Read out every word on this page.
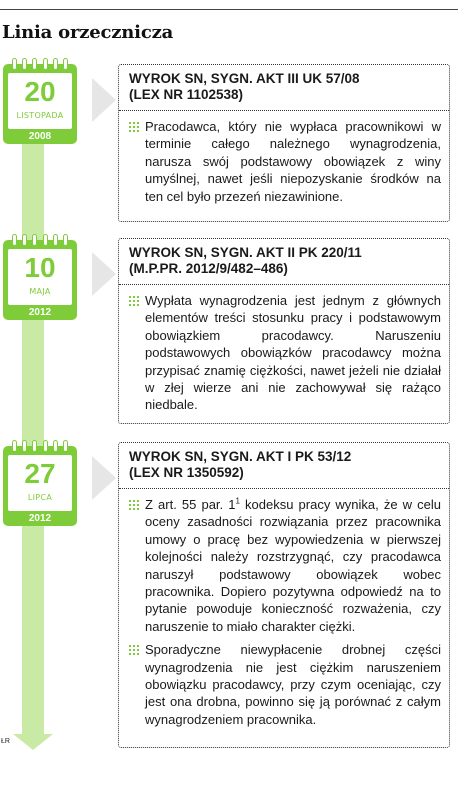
Linia orzecznicza
20
LISTOPADA
2008
WYROK SN, SYGN. AKT III UK 57/08
(LEX NR 1102538)
Pracodawca, który nie wypłaca pracownikowi w terminie całego należnego wynagrodzenia, narusza swój podstawowy obowiązek z winy umyślnej, nawet jeśli niepozyskanie środków na ten cel było przezeń niezawinione.
10
MAJA
2012
WYROK SN, SYGN. AKT II PK 220/11
(M.P.PR. 2012/9/482–486)
Wypłata wynagrodzenia jest jednym z głównych elementów treści stosunku pracy i podstawowym obowiązkiem pracodawcy. Naruszeniu podstawowych obowiązków pracodawcy można przypisać znamię ciężkości, nawet jeżeli nie działał w złej wierze ani nie zachowywał się rażąco niedbale.
27
LIPCA
2012
WYROK SN, SYGN. AKT I PK 53/12
(LEX NR 1350592)
Z art. 55 par. $1^1$ kodeksu pracy wynika, że w celu oceny zasadności rozwiązania przez pracownika umowy o pracę bez wypowiedzenia w pierwszej kolejności należy rozstrzygnąć, czy pracodawca naruszył podstawowy obowiązek wobec pracownika. Dopiero pozytywna odpowiedź na to pytanie powoduje konieczność rozważenia, czy naruszenie to miało charakter ciężki.
Sporadyczne niewypłacenie drobnej części wynagrodzenia nie jest ciężkim naruszeniem obowiązku pracodawcy, przy czym oceniając, czy jest ona drobna, powinno się ją porównać z całym wynagrodzeniem pracownika.
ŁR
